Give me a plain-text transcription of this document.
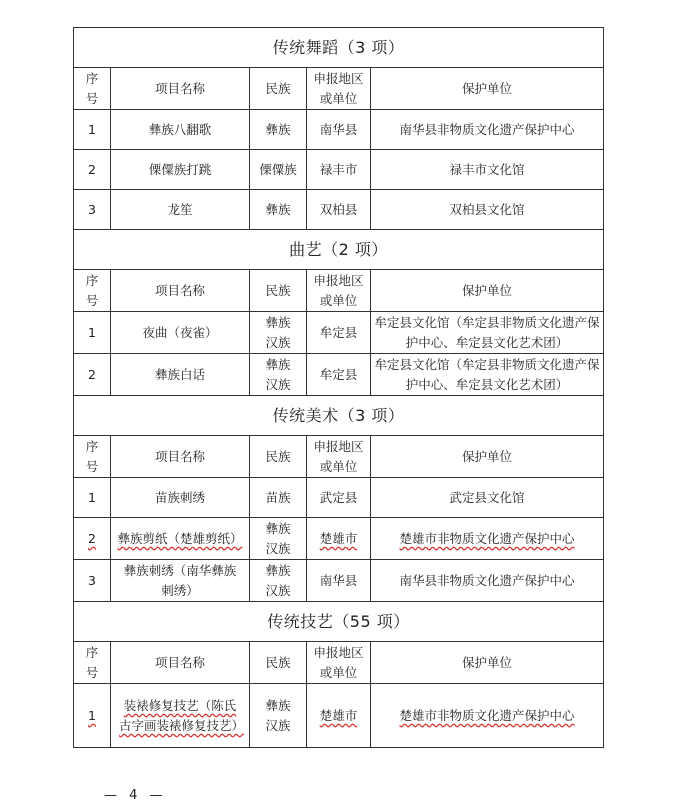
传统舞蹈（3 项）				

序号	项目名称	民族	申报地区或单位	保护单位
1	彝族八翻歌	彝族	南华县	南华县非物质文化遗产保护中心
2	傈僳族打跳	傈僳族	禄丰市	禄丰市文化馆
3	龙笙	彝族	双柏县	双柏县文化馆
曲艺（2 项）				

序号	项目名称	民族	申报地区或单位	保护单位
1	夜曲（夜雀）	彝族汉族	牟定县	牟定县文化馆（牟定县非物质文化遗产保护中心、牟定县文化艺术团）
2	彝族白话	彝族汉族	牟定县	牟定县文化馆（牟定县非物质文化遗产保护中心、牟定县文化艺术团）
传统美术（3 项）				

序号	项目名称	民族	申报地区或单位	保护单位
1	苗族刺绣	苗族	武定县	武定县文化馆
2	彝族剪纸（楚雄剪纸）	彝族汉族	楚雄市	楚雄市非物质文化遗产保护中心
3	彝族刺绣（南华彝族刺绣）	彝族汉族	南华县	南华县非物质文化遗产保护中心
传统技艺（55 项）				

序号	项目名称	民族	申报地区或单位	保护单位
1	装裱修复技艺（陈氏古字画装裱修复技艺）	彝族汉族	楚雄市	楚雄市非物质文化遗产保护中心
— 4 —
